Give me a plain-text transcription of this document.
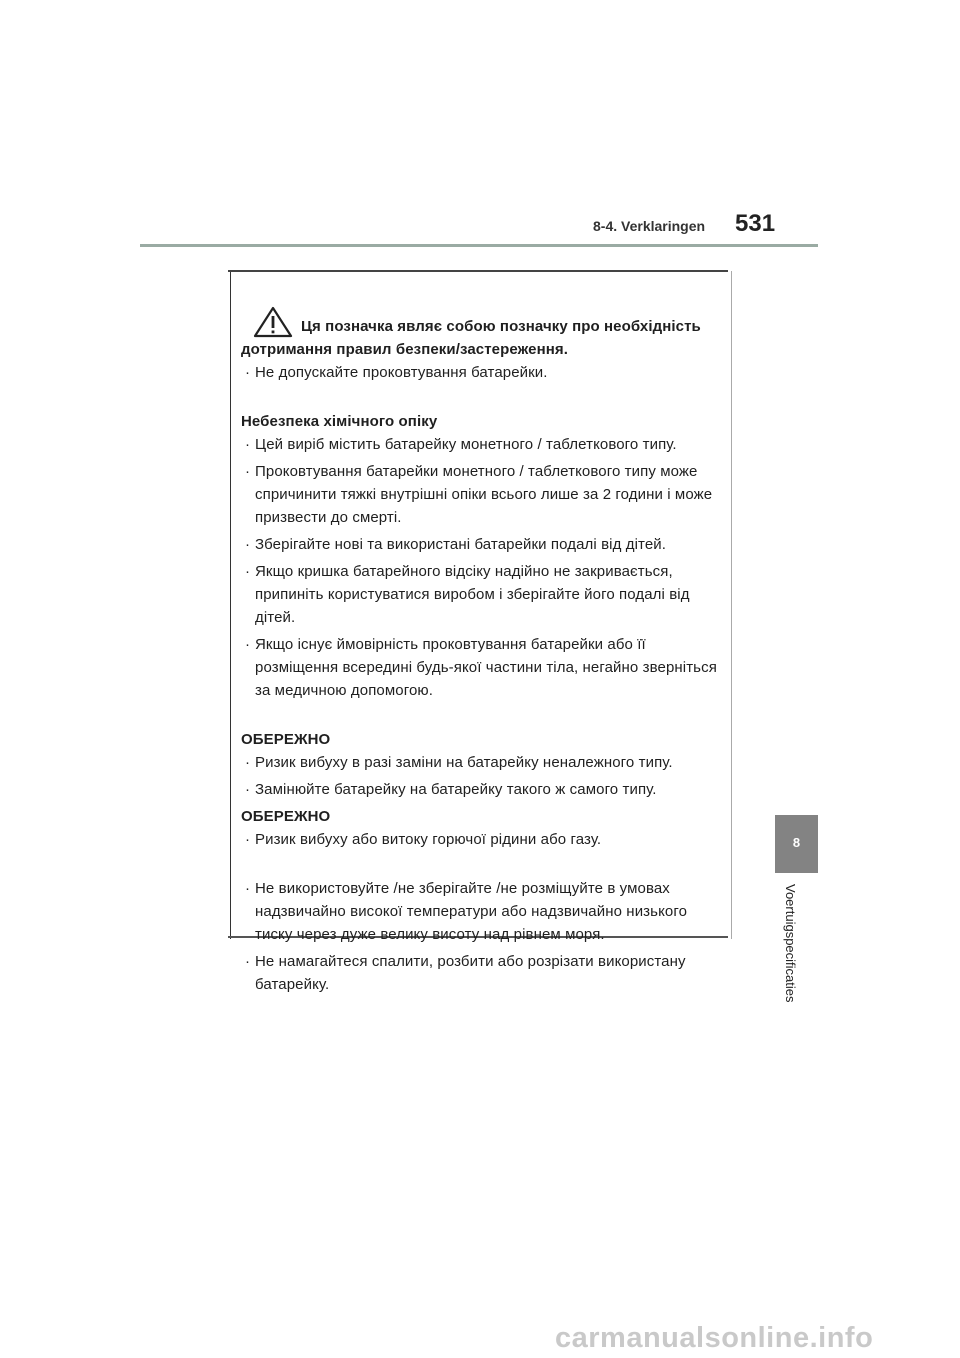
8-4. Verklaringen 531
8
Voertuigspecificaties
Ця позначка являє собою позначку про необхідність
дотримання правил безпеки/застереження.
· Не допускайте проковтування батарейки.
Небезпека хімічного опіку
· Цей виріб містить батарейку монетного / таблеткового типу.
· Проковтування батарейки монетного / таблеткового типу може спричинити тяжкі внутрішні опіки всього лише за 2 години і може призвести до смерті.
· Зберігайте нові та використані батарейки подалі від дітей.
· Якщо кришка батарейного відсіку надійно не закривається, припиніть користуватися виробом і зберігайте його подалі від дітей.
· Якщо існує ймовірність проковтування батарейки або її розміщення всередині будь-якої частини тіла, негайно зверніться за медичною допомогою.
ОБЕРЕЖНО
· Ризик вибуху в разі заміни на батарейку неналежного типу.
· Замінюйте батарейку на батарейку такого ж самого типу.
ОБЕРЕЖНО
· Ризик вибуху або витоку горючої рідини або газу.
· Не використовуйте /не зберігайте /не розміщуйте в умовах надзвичайно високої температури або надзвичайно низького тиску через дуже велику висоту над рівнем моря.
· Не намагайтеся спалити, розбити або розрізати використану батарейку.
carmanualsonline.info
